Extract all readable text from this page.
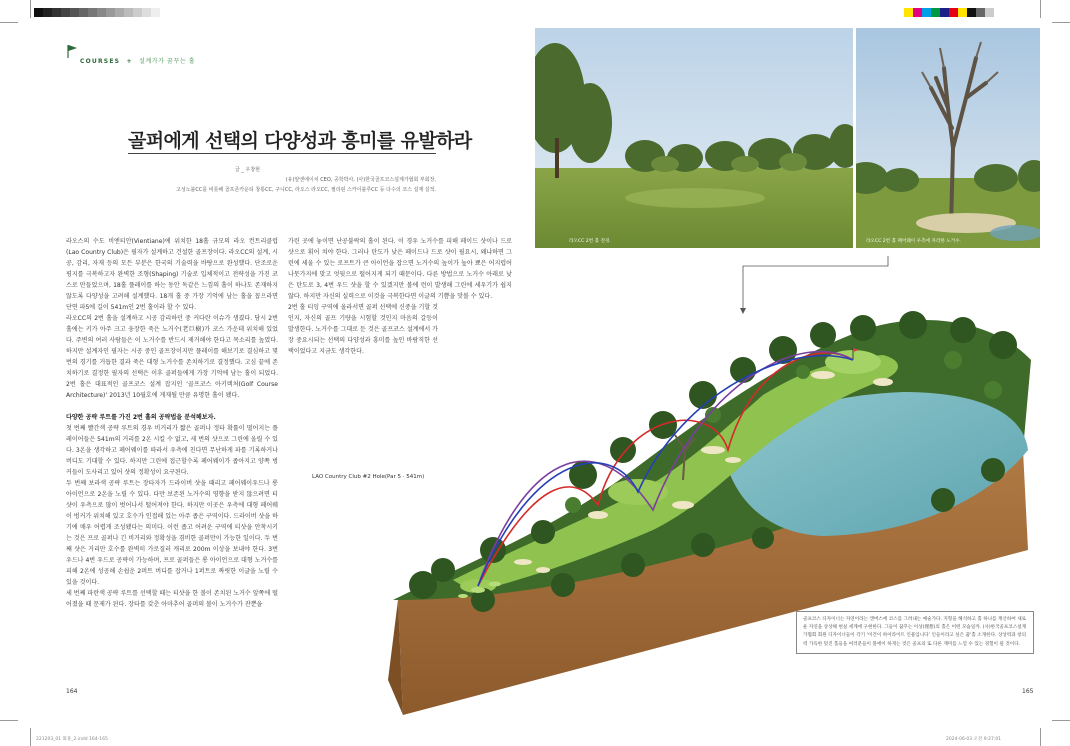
COURSES + 설계가가 꿈꾸는 홀
골퍼에게 선택의 다양성과 흥미를 유발하라
글 _ 우창현
(유)알앤에이치 CEO, 공학박사, (사)한국골프코스설계가협회 부회장,
고성노블CC를 비롯해 골프존카운티 창통CC, 구니CC, 라오스 라오CC, 필리핀 스카이블루CC 등 다수의 코스 설계 실적.

라오스의 수도 비엔티안(Vientiane)에 위치한 18홀 규모의 라오 컨트리클럽(Lao Country Club)은 필자가 설계하고 건설한 골프장이다. 라오CC의 설계, 시공, 감리, 자재 등의 모든 부분은 한국의 기술력을 바탕으로 완성했다. 단조로운 평지를 극복하고자 완벽한 조형(Shaping) 기술로 입체적이고 전략성을 가진 코스로 만들었으며, 18홀 플레이를 하는 동안 독같은 느낌의 홀이 하나도 존재하지 않도록 다양성을 고려해 설계했다. 18개 홀 중 가장 기억에 남는 홀을 꼽으라면 단연 파5에 길이 541m인 2번 홀이라 할 수 있다.

라오CC의 2번 홀을 설계하고 시공 감리하던 중 커다란 이슈가 생겼다. 당시 2번 홀에는 키가 아주 크고 웅장한 죽은 노거수(老巨樹)가 코스 가운데 위치해 있었다. 주변의 여러 사람들은 이 노거수를 반드시 제거해야 한다고 목소리를 높였다. 하지만 설계자인 필자는 시공 중인 골프장이지만 플레이를 해보기로 결심하고 몇 번의 경기를 거듭한 결과 죽은 대형 노거수를 존치하기로 결정했다. 고심 끝에 존치하기로 결정한 필자의 선택은 이후 골퍼들에게 가장 기억에 남는 홀이 되었다. 2번 홀은 대표적인 골프코스 설계 잡지인 ‘골프코스 아키텍처(Golf Course Architecture)’ 2013년 10월호에 게재될 만큼 유명한 홀이 됐다.

다양한 공략 루트를 가진 2번 홀의 공략법을 분석해보자.

첫 번째 빨간색 공략 루트의 경우 비거리가 짧은 골퍼나 정타 확률이 떨어지는 플레이어들은 541m의 거리를 2온 시킬 수 없고, 세 번의 샷으로 그린에 올릴 수 있다. 3온을 생각하고 페어웨이를 따라서 우측에 친다면 무난하게 파를 기록하거나 버디도 기대할 수 있다. 하지만 그린에 접근할수록 페어웨이가 좁아지고 양쪽 벙커들이 도사리고 있어 샷의 정확성이 요구된다.

두 번째 보라색 공략 루트는 장타자가 드라이버 샷을 때리고 페어웨이우드나 롱 아이언으로 2온을 노릴 수 있다. 다만 보존된 노거수의 영향을 받지 않으려면 티샷이 우측으로 많이 벗어나서 떨어져야 한다. 하지만 이곳은 우측에 대형 페어웨이 벙커가 위치해 있고 호수가 인접해 있는 아주 좁은 구역이다. 드라이버 샷을 하기에 매우 어렵게 조성됐다는 의미다. 이런 좁고 어려운 구역에 티샷을 안착시키는 것은 프로 골퍼나 긴 비거리와 정확성을 겸비한 골퍼만이 가능한 일이다. 두 번째 샷은 거리만 호수를 완벽히 가로질러 캐리로 200m 이상을 보내야 한다. 3번 우드나 4번 우드로 공략이 가능하며, 프로 골퍼들은 롱 아이언으로 대형 노거수를 피해 2온에 성공해 손쉽운 2퍼트 버디를 잡거나 1퍼트로 짜릿한 이글을 노릴 수 있을 것이다.

세 번째 파란색 공략 루트를 선택할 때는 티샷을 한 볼이 존치된 노거수 앞쪽에 떨어졌을 때 문제가 된다. 장타를 갖춘 아마추어 골퍼의 볼이 노거수가 잔뿐을

가린 곳에 놓이면 난공불락의 홀이 된다. 이 경우 노거수를 피해 페이드 샷이나 드로 샷으로 휘어 쳐야 한다. 그러나 탄도가 낮은 페이드나 드로 샷이 필요시, 왜냐하면 그린에 세울 수 있는 로프트가 큰 아이언을 잡으면 노거수의 높이가 높아 뾰은 어지럽어 나뭇가지에 맞고 엇뒷으로 떨어지게 되기 때문이다. 다른 방법으로 노거수 아래로 낮은 탄도로 3, 4번 우드 샷을 할 수 있겠지만 볼에 런이 발생해 그린에 세우기가 쉽지 않다. 하지만 자신의 실력으로 이것을 극복한다면 이글의 기쁨을 맛볼 수 있다.

2번 홀 티잉 구역에 올라서면 골퍼 선택에 신중을 기할 것인지, 자신의 골프 기량을 시험할 것인지 마음의 갈등이 발생한다. 노거수를 그대로 둔 것은 골프코스 설계에서 가장 중요시되는 선택의 다양성과 흥미를 높인 바람직한 선택이었다고 지금도 생각한다.

라오CC 2번 홀 전경.	라오CC 2번 홀 페어웨이 우측에 자리한 노거수.
LAO Country Club #2 Hole(Par 5 · 541m)
골프코스 디자이너는 자연이라는 캔버스에 코스를 그려내는 예술가다. 지형을 해석하고 홀 하나를 계산하여 새로운 자연을 상상해 현실 세계에 구현한다. 그들이 꿈꾸는 이상(理想)의 홀은 어떤 모습일까. (사)한국골프코스설계가협회 회원 디자이너들이 각기 ‘이건이 하이라이트 인물입니다’ 인들이라고 싶은 꿈‘홀 소개한다. 상상력과 창의력 가득한 멋진 홀들을 여러분들이 볼에이 하게는 것은 골프의 또 다른 재미를 느낄 수 있는 경험이 될 것이다.
164	165
221203_01 화홍_2.indd 164-165	2024-06-03 오전 9:27:01
